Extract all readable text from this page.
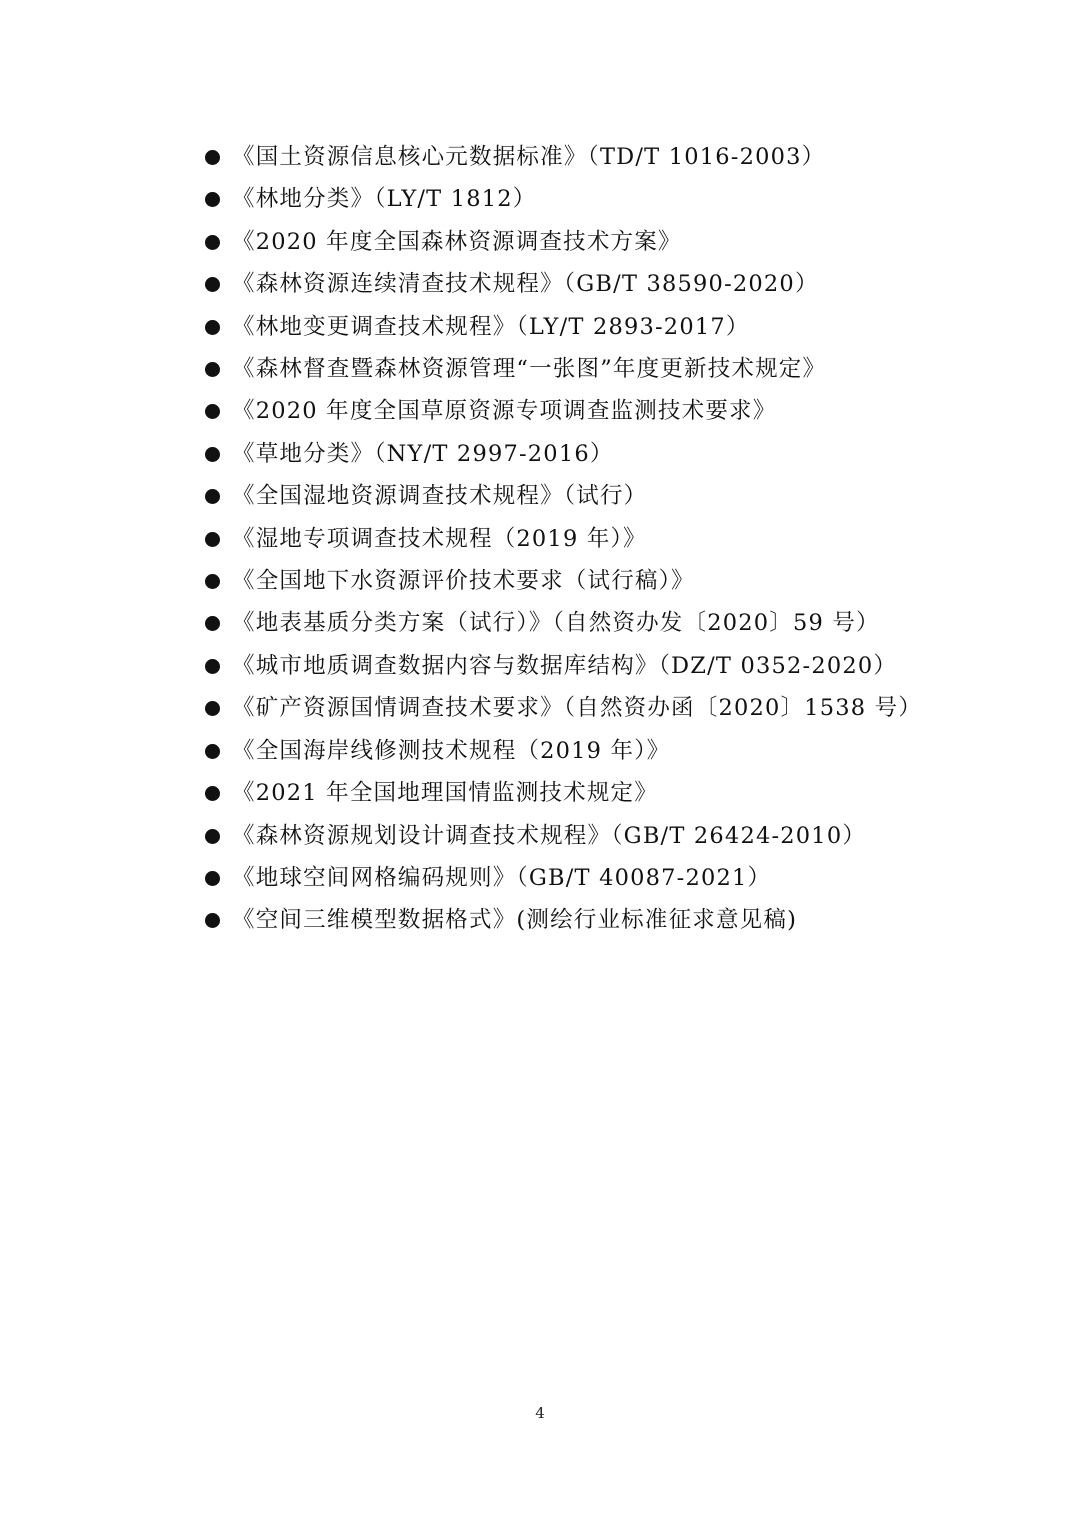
《国土资源信息核心元数据标准》（TD/T 1016-2003）
《林地分类》（LY/T 1812）
《2020 年度全国森林资源调查技术方案》
《森林资源连续清查技术规程》（GB/T 38590-2020）
《林地变更调查技术规程》（LY/T 2893-2017）
《森林督查暨森林资源管理“一张图”年度更新技术规定》
《2020 年度全国草原资源专项调查监测技术要求》
《草地分类》（NY/T 2997-2016）
《全国湿地资源调查技术规程》（试行）
《湿地专项调查技术规程（2019 年）》
《全国地下水资源评价技术要求（试行稿）》
《地表基质分类方案（试行）》（自然资办发〔2020〕59 号）
《城市地质调查数据内容与数据库结构》（DZ/T 0352-2020）
《矿产资源国情调查技术要求》（自然资办函〔2020〕1538 号）
《全国海岸线修测技术规程（2019 年）》
《2021 年全国地理国情监测技术规定》
《森林资源规划设计调查技术规程》（GB/T 26424-2010）
《地球空间网格编码规则》（GB/T 40087-2021）
《空间三维模型数据格式》(测绘行业标准征求意见稿)
4
